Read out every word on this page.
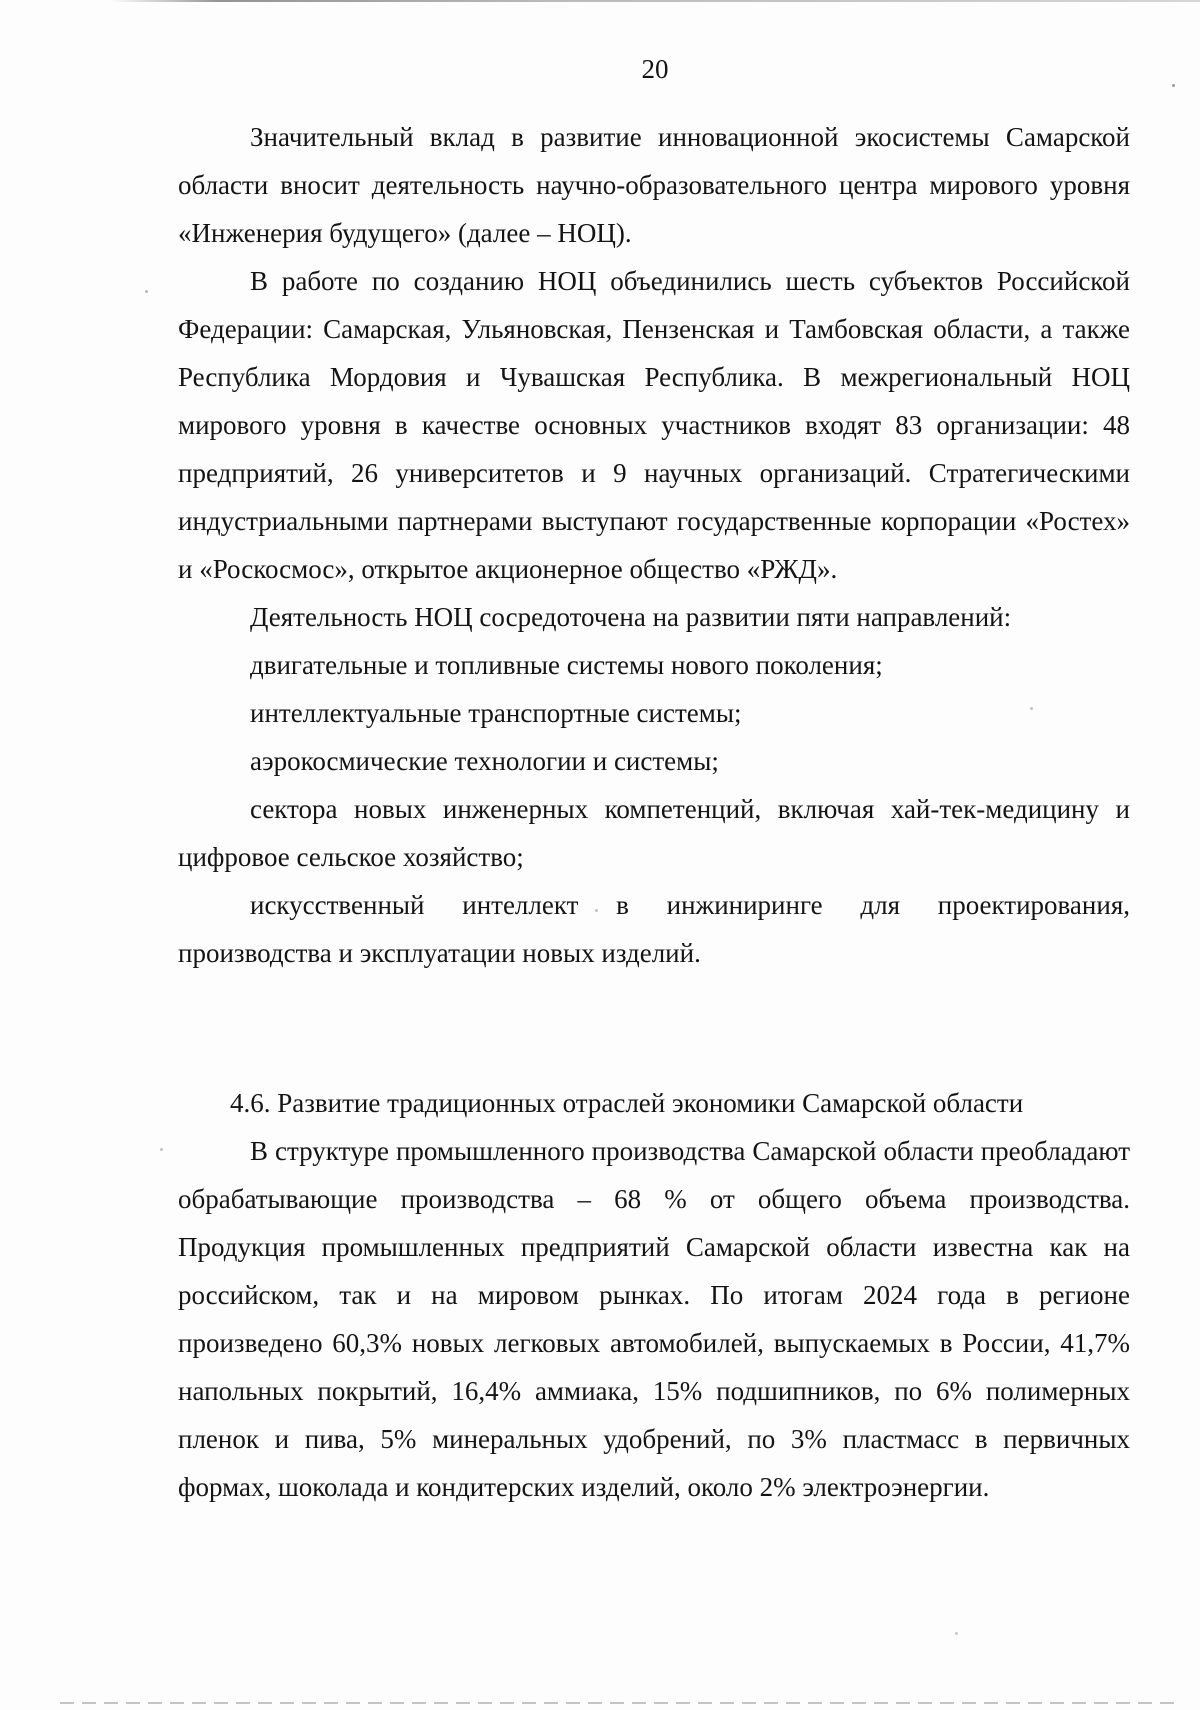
20

Значительный вклад в развитие инновационной экосистемы Самарской области вносит деятельность научно-образовательного центра мирового уровня «Инженерия будущего» (далее – НОЦ).

В работе по созданию НОЦ объединились шесть субъектов Российской Федерации: Самарская, Ульяновская, Пензенская и Тамбовская области, а также Республика Мордовия и Чувашская Республика. В межрегиональный НОЦ мирового уровня в качестве основных участников входят 83 организации: 48 предприятий, 26 университетов и 9 научных организаций. Стратегическими индустриальными партнерами выступают государственные корпорации «Ростех» и «Роскосмос», открытое акционерное общество «РЖД».

Деятельность НОЦ сосредоточена на развитии пяти направлений:

двигательные и топливные системы нового поколения;

интеллектуальные транспортные системы;

аэрокосмические технологии и системы;

сектора новых инженерных компетенций, включая хай-тек-медицину и цифровое сельское хозяйство;

искусственный интеллект в инжиниринге для проектирования, производства и эксплуатации новых изделий.

4.6. Развитие традиционных отраслей экономики Самарской области

В структуре промышленного производства Самарской области преобладают обрабатывающие производства – 68 % от общего объема производства. Продукция промышленных предприятий Самарской области известна как на российском, так и на мировом рынках. По итогам 2024 года в регионе произведено 60,3% новых легковых автомобилей, выпускаемых в России, 41,7% напольных покрытий, 16,4% аммиака, 15% подшипников, по 6% полимерных пленок и пива, 5% минеральных удобрений, по 3% пластмасс в первичных формах, шоколада и кондитерских изделий, около 2% электроэнергии.
